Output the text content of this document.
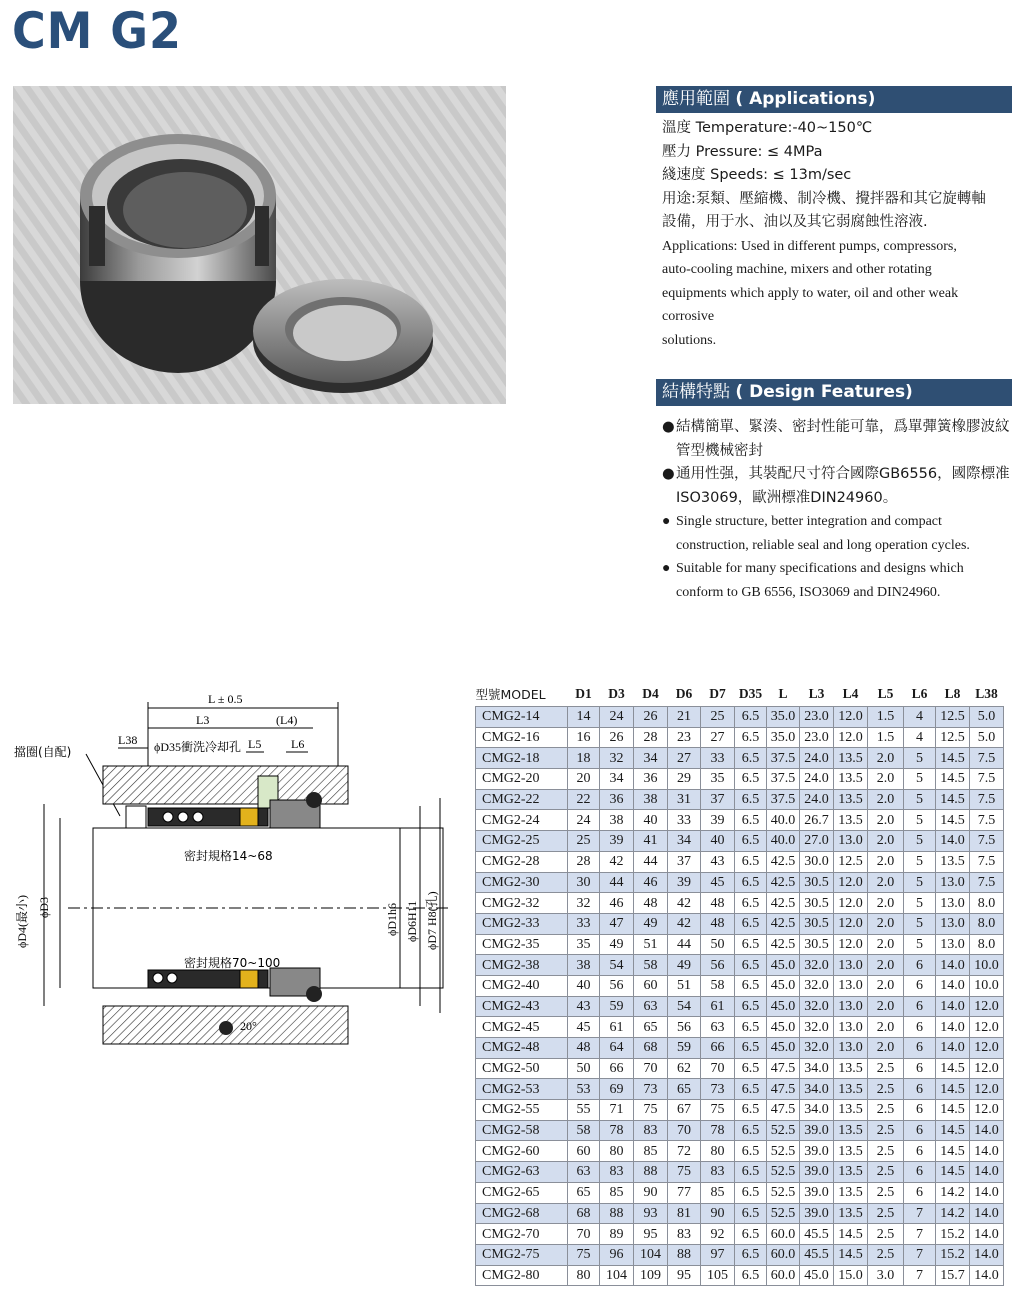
CM G2
應用範圍 ( Applications)
溫度 Temperature:-40~150℃
壓力 Pressure: ≤ 4MPa
綫速度 Speeds: ≤ 13m/sec
用途:泵類、壓縮機、制冷機、攪拌器和其它旋轉軸
設備，用于水、油以及其它弱腐蝕性溶液.
Applications: Used in different pumps, compressors,
auto-cooling machine, mixers and other rotating
equipments which apply to water, oil and other weak
corrosive
solutions.
結構特點 ( Design Features)
● 結構簡單、緊湊、密封性能可靠，爲單彈簧橡膠波紋管型機械密封
● 通用性强，其裝配尺寸符合國際GB6556，國際標准ISO3069，歐洲標准DIN24960。
● Single structure, better integration and compact construction, reliable seal and long operation cycles.
● Suitable for many specifications and designs which conform to GB 6556, ISO3069 and DIN24960.
L ± 0.5
L3	(L4)
L38 ϕD35衝洗冷却孔 L5 L6
擋圈(自配)
20°
密封規格14~68
密封規格70~100
ϕD4(最小) ϕD3	ϕD1h6 ϕD6H11 ϕD7 H8(孔)
型號MODEL	D1	D3	D4	D6	D7	D35	L	L3	L4	L5	L6	L8	L38
CMG2-14	14	24	26	21	25	6.5	35.0	23.0	12.0	1.5	4	12.5	5.0
CMG2-16	16	26	28	23	27	6.5	35.0	23.0	12.0	1.5	4	12.5	5.0
CMG2-18	18	32	34	27	33	6.5	37.5	24.0	13.5	2.0	5	14.5	7.5
CMG2-20	20	34	36	29	35	6.5	37.5	24.0	13.5	2.0	5	14.5	7.5
CMG2-22	22	36	38	31	37	6.5	37.5	24.0	13.5	2.0	5	14.5	7.5
CMG2-24	24	38	40	33	39	6.5	40.0	26.7	13.5	2.0	5	14.5	7.5
CMG2-25	25	39	41	34	40	6.5	40.0	27.0	13.0	2.0	5	14.0	7.5
CMG2-28	28	42	44	37	43	6.5	42.5	30.0	12.5	2.0	5	13.5	7.5
CMG2-30	30	44	46	39	45	6.5	42.5	30.5	12.0	2.0	5	13.0	7.5
CMG2-32	32	46	48	42	48	6.5	42.5	30.5	12.0	2.0	5	13.0	8.0
CMG2-33	33	47	49	42	48	6.5	42.5	30.5	12.0	2.0	5	13.0	8.0
CMG2-35	35	49	51	44	50	6.5	42.5	30.5	12.0	2.0	5	13.0	8.0
CMG2-38	38	54	58	49	56	6.5	45.0	32.0	13.0	2.0	6	14.0	10.0
CMG2-40	40	56	60	51	58	6.5	45.0	32.0	13.0	2.0	6	14.0	10.0
CMG2-43	43	59	63	54	61	6.5	45.0	32.0	13.0	2.0	6	14.0	12.0
CMG2-45	45	61	65	56	63	6.5	45.0	32.0	13.0	2.0	6	14.0	12.0
CMG2-48	48	64	68	59	66	6.5	45.0	32.0	13.0	2.0	6	14.0	12.0
CMG2-50	50	66	70	62	70	6.5	47.5	34.0	13.5	2.5	6	14.5	12.0
CMG2-53	53	69	73	65	73	6.5	47.5	34.0	13.5	2.5	6	14.5	12.0
CMG2-55	55	71	75	67	75	6.5	47.5	34.0	13.5	2.5	6	14.5	12.0
CMG2-58	58	78	83	70	78	6.5	52.5	39.0	13.5	2.5	6	14.5	14.0
CMG2-60	60	80	85	72	80	6.5	52.5	39.0	13.5	2.5	6	14.5	14.0
CMG2-63	63	83	88	75	83	6.5	52.5	39.0	13.5	2.5	6	14.5	14.0
CMG2-65	65	85	90	77	85	6.5	52.5	39.0	13.5	2.5	6	14.2	14.0
CMG2-68	68	88	93	81	90	6.5	52.5	39.0	13.5	2.5	7	14.2	14.0
CMG2-70	70	89	95	83	92	6.5	60.0	45.5	14.5	2.5	7	15.2	14.0
CMG2-75	75	96	104	88	97	6.5	60.0	45.5	14.5	2.5	7	15.2	14.0
CMG2-80	80	104	109	95	105	6.5	60.0	45.0	15.0	3.0	7	15.7	14.0
